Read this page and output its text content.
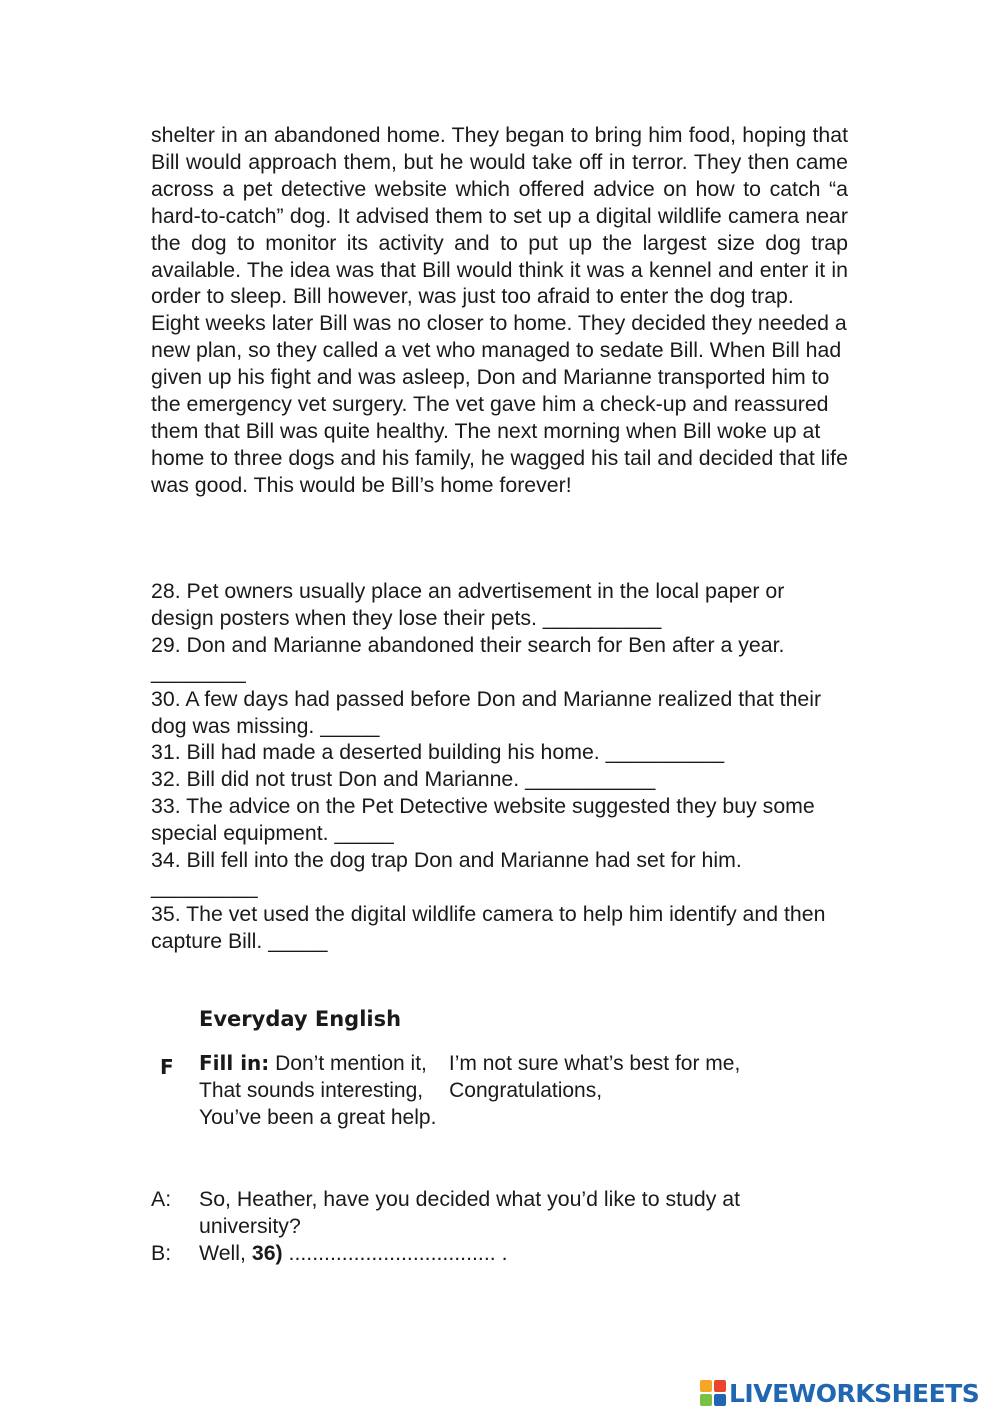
shelter in an abandoned home. They began to bring him food, hoping that Bill would approach them, but he would take off in terror. They then came across a pet detective website which offered advice on how to catch “a hard-to-catch” dog. It advised them to set up a digital wildlife camera near the dog to monitor its activity and to put up the largest size dog trap available. The idea was that Bill would think it was a kennel and enter it in order to sleep. Bill however, was just too afraid to enter the dog trap.

Eight weeks later Bill was no closer to home. They decided they needed a new plan, so they called a vet who managed to sedate Bill. When Bill had given up his fight and was asleep, Don and Marianne transported him to the emergency vet surgery. The vet gave him a check-up and reassured them that Bill was quite healthy. The next morning when Bill woke up at home to three dogs and his family, he wagged his tail and decided that life was good. This would be Bill’s home forever!

28. Pet owners usually place an advertisement in the local paper or design posters when they lose their pets. __________

29. Don and Marianne abandoned their search for Ben after a year. ________

30. A few days had passed before Don and Marianne realized that their dog was missing. _____

31. Bill had made a deserted building his home. __________

32. Bill did not trust Don and Marianne. ___________

33. The advice on the Pet Detective website suggested they buy some special equipment. _____

34. Bill fell into the dog trap Don and Marianne had set for him.
_________

35. The vet used the digital wildlife camera to help him identify and then capture Bill. _____

Everyday English
F Fill in: Don’t mention it, I’m not sure what’s best for me,
That sounds interesting, Congratulations,
You’ve been a great help.
A:	So, Heather, have you decided what you’d like to study at university?
B:	Well, 36) ................................... .
LIVEWORKSHEETS
